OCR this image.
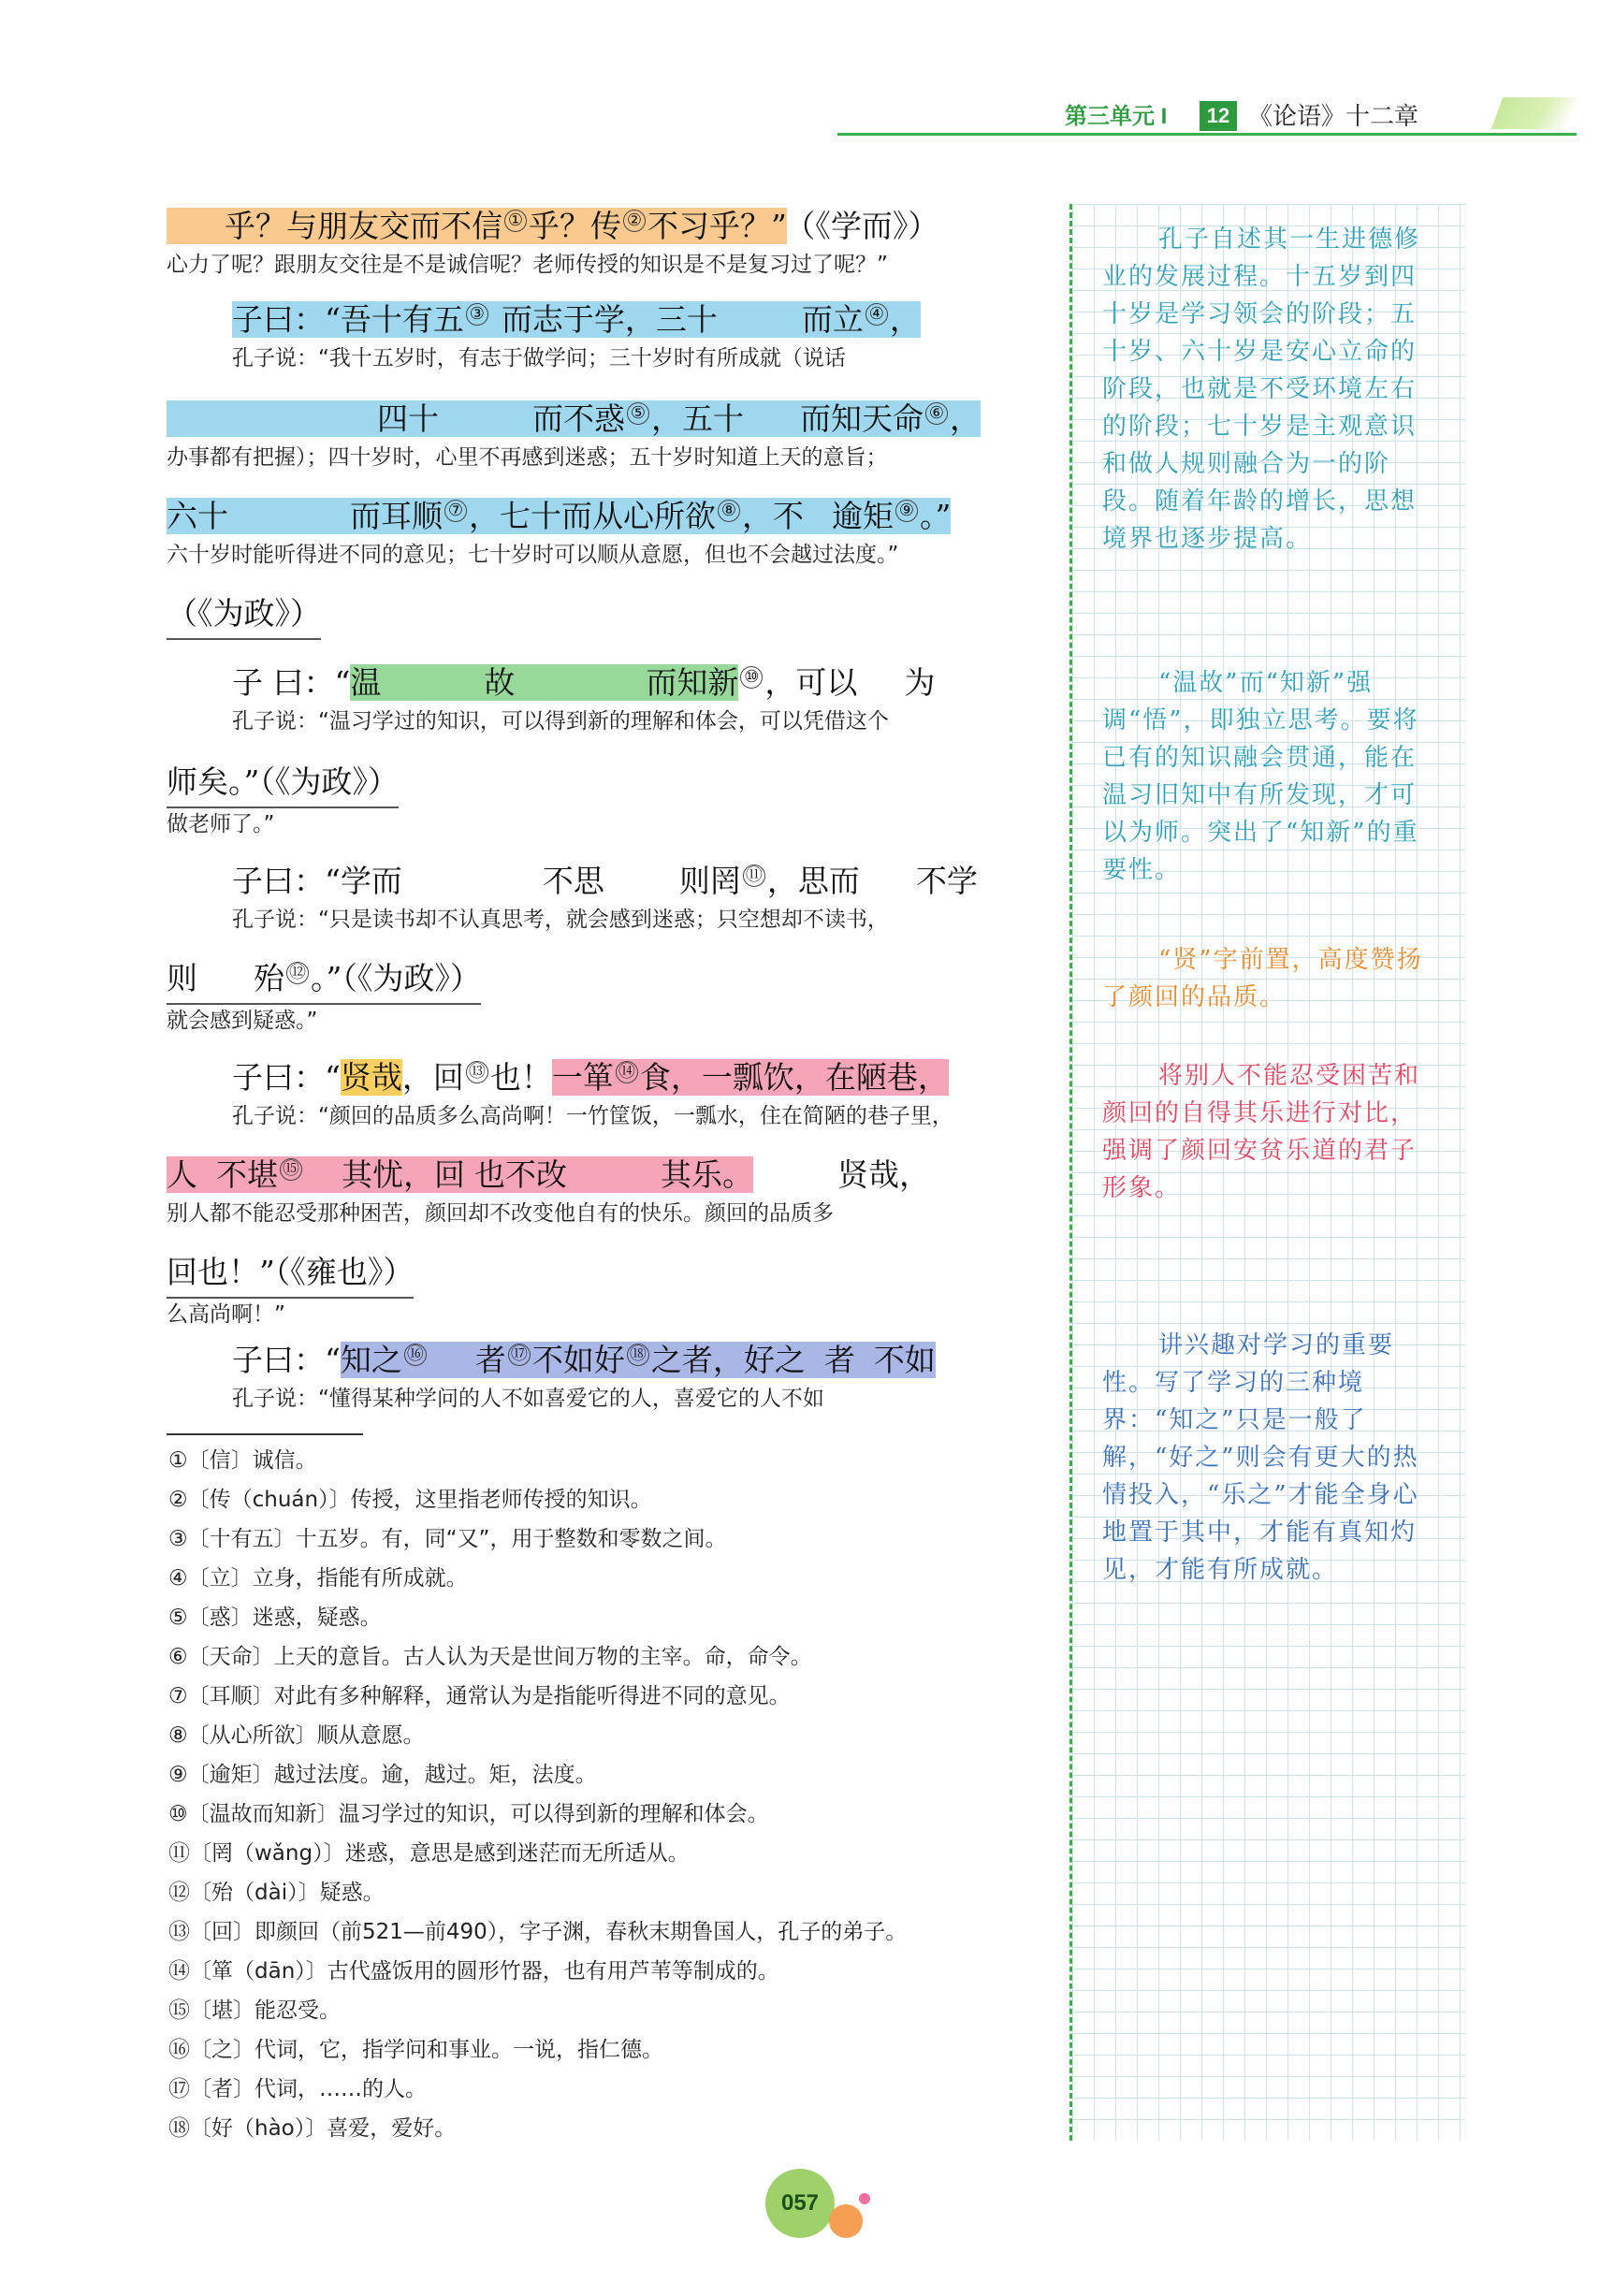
第三单元 I	12 《论语》十二章
乎？与朋友交而不信 ① 乎？传 ② 不习乎？” （《学而》）
心力了呢？跟朋友交往是不是诚信呢？老师传授的知识是不是复习过了呢？”
子曰：“吾十有五 ③ 而志于学，三十	而立 ④ ，
孔子说：“我十五岁时，有志于做学问；三十岁时有所成就（说话
四十	而不惑 ⑤ ，五十 而知天命 ⑥ ，
办事都有把握）；四十岁时，心里不再感到迷惑；五十岁时知道上天的意旨；
六十	而耳顺 ⑦ ，七十而从心所欲 ⑧ ，不 逾矩 ⑨ 。”
六十岁时能听得进不同的意见；七十岁时可以顺从意愿，但也不会越过法度。”
（《为政》）
子 曰：“温	故	而知新 ⑩ ，可以 为
孔子说：“温习学过的知识，可以得到新的理解和体会，可以凭借这个
师矣。”（《为政》）
做老师了。”
子曰：“学而	不思 则罔 ⑪ ，思而 不学
孔子说：“只是读书却不认真思考，就会感到迷惑；只空想却不读书，
则 殆 ⑫ 。”（《为政》）
就会感到疑惑。”
子曰：“贤哉，回 ⑬ 也！一箪 ⑭ 食，一瓢饮，在陋巷，
孔子说：“颜回的品质多么高尚啊！一竹筐饭，一瓢水，住在简陋的巷子里，
人 不堪 ⑮ 其忧，回 也不改	其乐。	贤哉，
别人都不能忍受那种困苦，颜回却不改变他自有的快乐。颜回的品质多
回也！”（《雍也》）
么高尚啊！”
子曰：“知之 ⑯ 者 ⑰ 不如好 ⑱ 之者，好之 者 不如
孔子说：“懂得某种学问的人不如喜爱它的人，喜爱它的人不如
①〔信〕诚信。
②〔传（chuán）〕传授，这里指老师传授的知识。
③〔十有五〕十五岁。有，同“又”，用于整数和零数之间。
④〔立〕立身，指能有所成就。
⑤〔惑〕迷惑，疑惑。
⑥〔天命〕上天的意旨。古人认为天是世间万物的主宰。命，命令。
⑦〔耳顺〕对此有多种解释，通常认为是指能听得进不同的意见。
⑧〔从心所欲〕顺从意愿。
⑨〔逾矩〕越过法度。逾，越过。矩，法度。
⑩〔温故而知新〕温习学过的知识，可以得到新的理解和体会。
⑪〔罔（wǎng）〕迷惑，意思是感到迷茫而无所适从。
⑫〔殆（dài）〕疑惑。
⑬〔回〕即颜回（前521—前490），字子渊，春秋末期鲁国人，孔子的弟子。
⑭〔箪（dān）〕古代盛饭用的圆形竹器，也有用芦苇等制成的。
⑮〔堪〕能忍受。
⑯〔之〕代词，它，指学问和事业。一说，指仁德。
⑰〔者〕代词，……的人。
⑱〔好（hào）〕喜爱，爱好。
孔子自述其一生进德修业的发展过程。十五岁到四十岁是学习领会的阶段；五十岁、六十岁是安心立命的阶段，也就是不受环境左右的阶段；七十岁是主观意识和做人规则融合为一的阶段。随着年龄的增长，思想境界也逐步提高。
“温故”而“知新”强调“悟”，即独立思考。要将已有的知识融会贯通，能在温习旧知中有所发现，才可以为师。突出了“知新”的重要性。
“贤”字前置，高度赞扬了颜回的品质。
将别人不能忍受困苦和颜回的自得其乐进行对比，强调了颜回安贫乐道的君子形象。
讲兴趣对学习的重要性。写了学习的三种境界：“知之”只是一般了解，“好之”则会有更大的热情投入，“乐之”才能全身心地置于其中，才能有真知灼见，才能有所成就。
057
